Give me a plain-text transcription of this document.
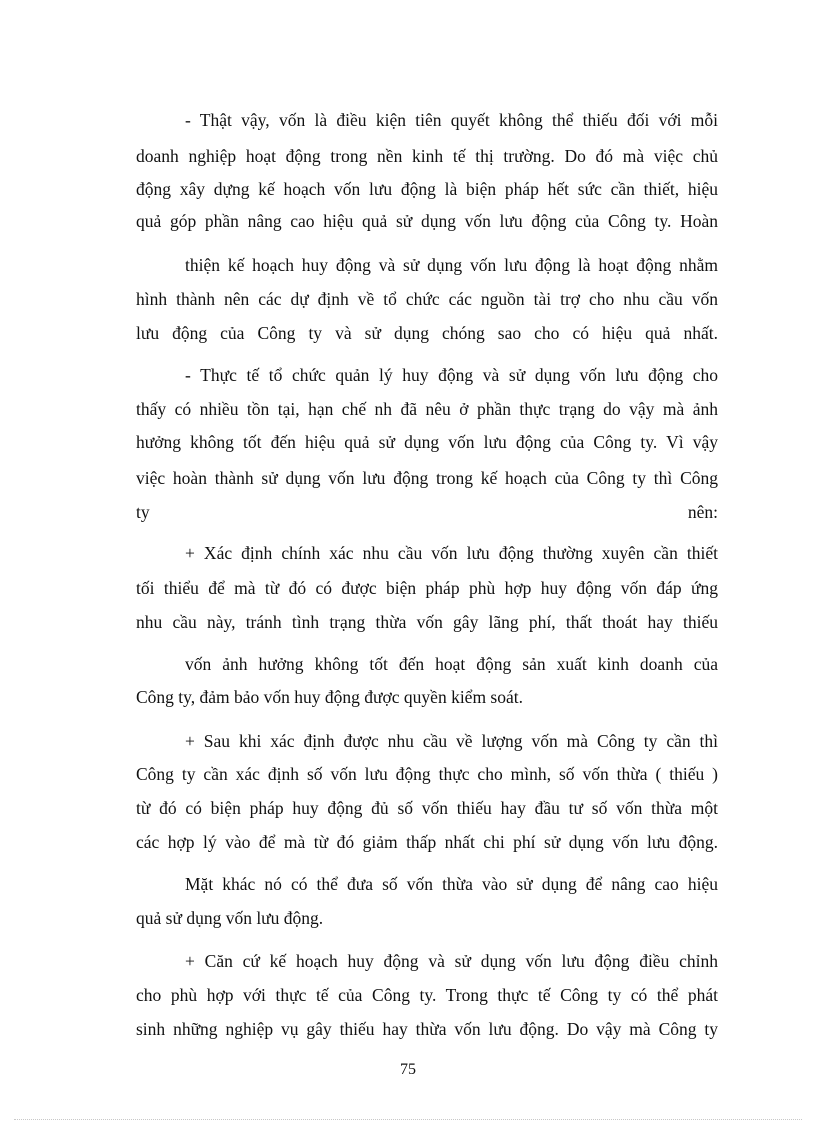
- Thật vậy, vốn là điều kiện tiên quyết không thể thiếu đối với mỗi
doanh nghiệp hoạt động trong nền kinh tế thị trường. Do đó mà việc chủ
động xây dựng kế hoạch vốn lưu động là biện pháp hết sức cần thiết, hiệu
quả góp phần nâng cao hiệu quả sử dụng vốn lưu động của Công ty. Hoàn
thiện kế hoạch huy động và sử dụng vốn lưu động là hoạt động nhằm
hình thành nên các dự định về tổ chức các nguồn tài trợ cho nhu cầu vốn
lưu động của Công ty và sử dụng chóng sao cho có hiệu quả nhất.
- Thực tế tổ chức quản lý huy động và sử dụng vốn lưu động cho
thấy có nhiều tồn tại, hạn chế nh đã nêu ở phần thực trạng do vậy mà ảnh
hưởng không tốt đến hiệu quả sử dụng vốn lưu động của Công ty. Vì vậy
việc hoàn thành sử dụng vốn lưu động trong kế hoạch của Công ty thì Công
ty nên:
+ Xác định chính xác nhu cầu vốn lưu động thường xuyên cần thiết
tối thiểu để mà từ đó có được biện pháp phù hợp huy động vốn đáp ứng
nhu cầu này, tránh tình trạng thừa vốn gây lãng phí, thất thoát hay thiếu
vốn ảnh hưởng không tốt đến hoạt động sản xuất kinh doanh của
Công ty, đảm bảo vốn huy động được quyền kiểm soát.
+ Sau khi xác định được nhu cầu về lượng vốn mà Công ty cần thì
Công ty cần xác định số vốn lưu động thực cho mình, số vốn thừa ( thiếu )
từ đó có biện pháp huy động đủ số vốn thiếu hay đầu tư số vốn thừa một
các hợp lý vào để mà từ đó giảm thấp nhất chi phí sử dụng vốn lưu động.
Mặt khác nó có thể đưa số vốn thừa vào sử dụng để nâng cao hiệu
quả sử dụng vốn lưu động.
+ Căn cứ kế hoạch huy động và sử dụng vốn lưu động điều chỉnh
cho phù hợp với thực tế của Công ty. Trong thực tế Công ty có thể phát
sinh những nghiệp vụ gây thiếu hay thừa vốn lưu động. Do vậy mà Công ty
75
